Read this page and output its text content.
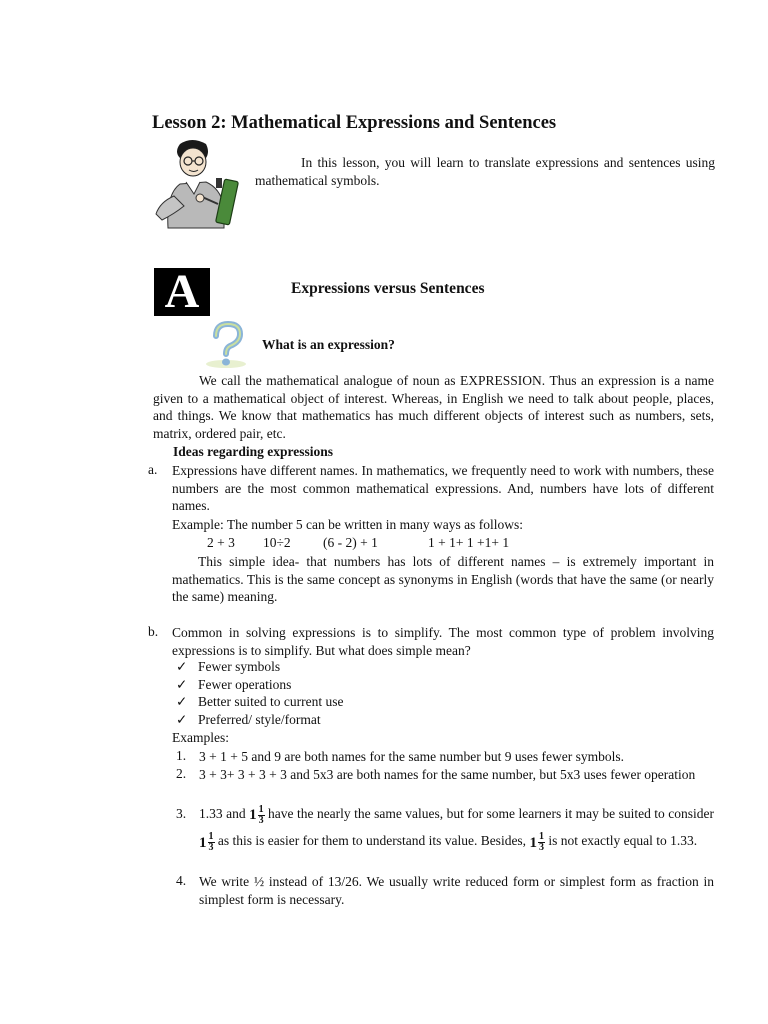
Lesson 2: Mathematical Expressions and Sentences
In this lesson, you will learn to translate expressions and sentences using mathematical symbols.
A	Expressions versus Sentences
What is an expression?
We call the mathematical analogue of noun as EXPRESSION. Thus an expression is a name given to a mathematical object of interest. Whereas, in English we need to talk about people, places, and things. We know that mathematics has much different objects of interest such as numbers, sets, matrix, ordered pair, etc.
Ideas regarding expressions
a.	Expressions have different names. In mathematics, we frequently need to work with numbers, these numbers are the most common mathematical expressions. And, numbers have lots of different names.
Example: The number 5 can be written in many ways as follows:
2 + 3 10÷2 (6 - 2) + 1	1 + 1+ 1 +1+ 1
This simple idea- that numbers has lots of different names – is extremely important in mathematics. This is the same concept as synonyms in English (words that have the same (or nearly the same) meaning.
b.	Common in solving expressions is to simplify. The most common type of problem involving expressions is to simplify. But what does simple mean?
✓ Fewer symbols
✓ Fewer operations
✓ Better suited to current use
✓ Preferred/ style/format
Examples:
1. 3 + 1 + 5 and 9 are both names for the same number but 9 uses fewer symbols.
2. 3 + 3+ 3 + 3 + 3 and 5x3 are both names for the same number, but 5x3 uses fewer operation
3. 1.33 and $1 \frac{1}{3}$ have the nearly the same values, but for some learners it may be suited to consider $1 \frac{1}{3}$ as this is easier for them to understand its value. Besides, $1 \frac{1}{3}$ is not exactly equal to 1.33.
4. We write ½ instead of 13/26. We usually write reduced form or simplest form as fraction in simplest form is necessary.
